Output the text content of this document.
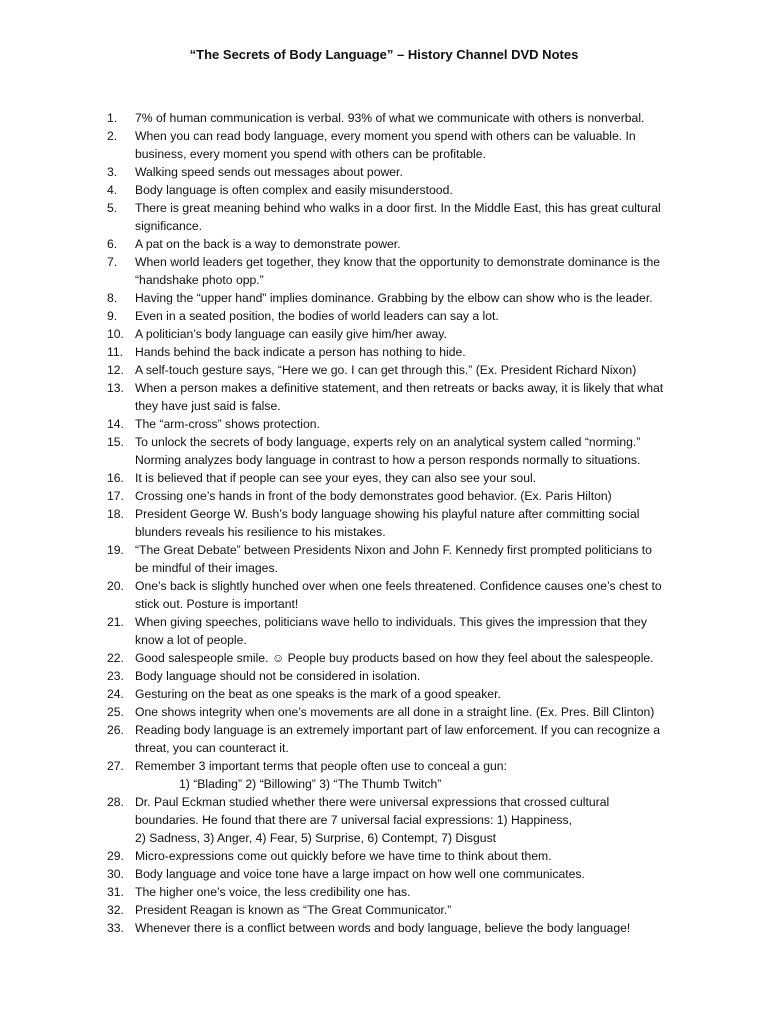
“The Secrets of Body Language” – History Channel DVD Notes
1.	7% of human communication is verbal. 93% of what we communicate with others is nonverbal.
2.	When you can read body language, every moment you spend with others can be valuable. In business, every moment you spend with others can be profitable.
3.	Walking speed sends out messages about power.
4.	Body language is often complex and easily misunderstood.
5.	There is great meaning behind who walks in a door first. In the Middle East, this has great cultural significance.
6.	A pat on the back is a way to demonstrate power.
7.	When world leaders get together, they know that the opportunity to demonstrate dominance is the “handshake photo opp.”
8.	Having the “upper hand” implies dominance. Grabbing by the elbow can show who is the leader.
9.	Even in a seated position, the bodies of world leaders can say a lot.
10. A politician’s body language can easily give him/her away.
11. Hands behind the back indicate a person has nothing to hide.
12. A self-touch gesture says, “Here we go. I can get through this.” (Ex. President Richard Nixon)
13. When a person makes a definitive statement, and then retreats or backs away, it is likely that what they have just said is false.
14. The “arm-cross” shows protection.
15. To unlock the secrets of body language, experts rely on an analytical system called “norming.” Norming analyzes body language in contrast to how a person responds normally to situations.
16. It is believed that if people can see your eyes, they can also see your soul.
17. Crossing one’s hands in front of the body demonstrates good behavior. (Ex. Paris Hilton)
18. President George W. Bush’s body language showing his playful nature after committing social blunders reveals his resilience to his mistakes.
19. “The Great Debate” between Presidents Nixon and John F. Kennedy first prompted politicians to be mindful of their images.
20. One’s back is slightly hunched over when one feels threatened. Confidence causes one’s chest to stick out. Posture is important!
21. When giving speeches, politicians wave hello to individuals. This gives the impression that they know a lot of people.
22. Good salespeople smile. ☺ People buy products based on how they feel about the salespeople.
23. Body language should not be considered in isolation.
24. Gesturing on the beat as one speaks is the mark of a good speaker.
25. One shows integrity when one’s movements are all done in a straight line. (Ex. Pres. Bill Clinton)
26. Reading body language is an extremely important part of law enforcement. If you can recognize a threat, you can counteract it.
27. Remember 3 important terms that people often use to conceal a gun:
1) “Blading” 2) “Billowing” 3) “The Thumb Twitch”
28. Dr. Paul Eckman studied whether there were universal expressions that crossed cultural boundaries. He found that there are 7 universal facial expressions: 1) Happiness,
2) Sadness, 3) Anger, 4) Fear, 5) Surprise, 6) Contempt, 7) Disgust
29. Micro-expressions come out quickly before we have time to think about them.
30. Body language and voice tone have a large impact on how well one communicates.
31. The higher one’s voice, the less credibility one has.
32. President Reagan is known as “The Great Communicator.”
33. Whenever there is a conflict between words and body language, believe the body language!
